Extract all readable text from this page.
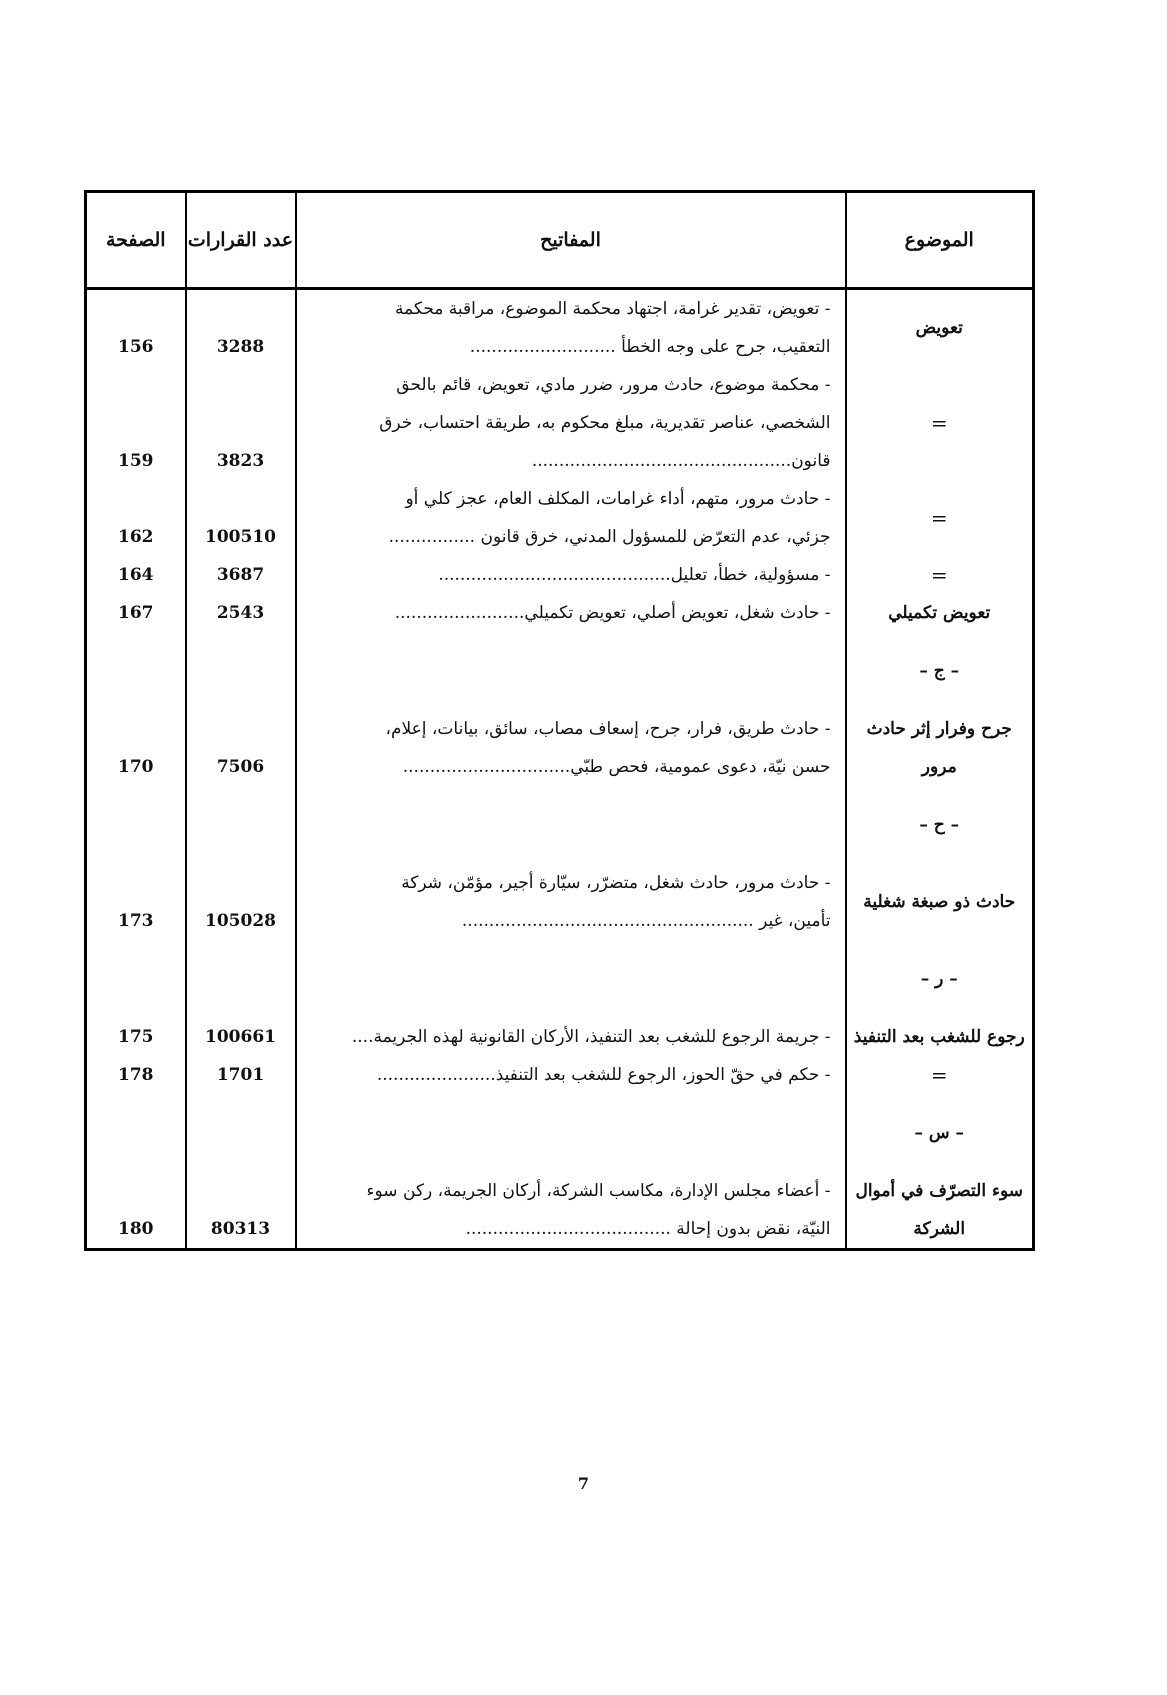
الموضوع	المفاتيح	عدد القرارات	الصفحة
تعويض	- تعويض، تقدير غرامة، اجتهاد محكمة الموضوع، مراقبة محكمة		
	التعقيب، جرح على وجه الخطأ ...........................	3288	156
=	- محكمة موضوع، حادث مرور، ضرر مادي، تعويض، قائم بالحق		
	الشخصي، عناصر تقديرية، مبلغ محكوم به، طريقة احتساب، خرق		
	قانون................................................	3823	159
=	- حادث مرور، متهم، أداء غرامات، المكلف العام، عجز كلي أو		
	جزئي، عدم التعرّض للمسؤول المدني، خرق قانون ................	100510	162
=	- مسؤولية، خطأ، تعليل...........................................	3687	164
تعويض تكميلي	- حادث شغل، تعويض أصلي، تعويض تكميلي........................	2543	167
– ج –			
جرح وفرار إثر حادث مرور	- حادث طريق، فرار، جرح، إسعاف مصاب، سائق، بيانات، إعلام،		
	حسن نيّة، دعوى عمومية، فحص طبّي...............................	7506	170
– ح –			
حادث ذو صبغة شغلية	- حادث مرور، حادث شغل، متضرّر، سيّارة أجير، مؤمّن، شركة		
	تأمين، غير ......................................................	105028	173
– ر –			
رجوع للشغب بعد التنفيذ	- جريمة الرجوع للشغب بعد التنفيذ، الأركان القانونية لهذه الجريمة....	100661	175
=	- حكم في حقّ الحوز، الرجوع للشغب بعد التنفيذ......................	1701	178
– س –			
سوء التصرّف في أموال الشركة	- أعضاء مجلس الإدارة، مكاسب الشركة، أركان الجريمة، ركن سوء		
	النيّة، نقض بدون إحالة ......................................	80313	180
7
